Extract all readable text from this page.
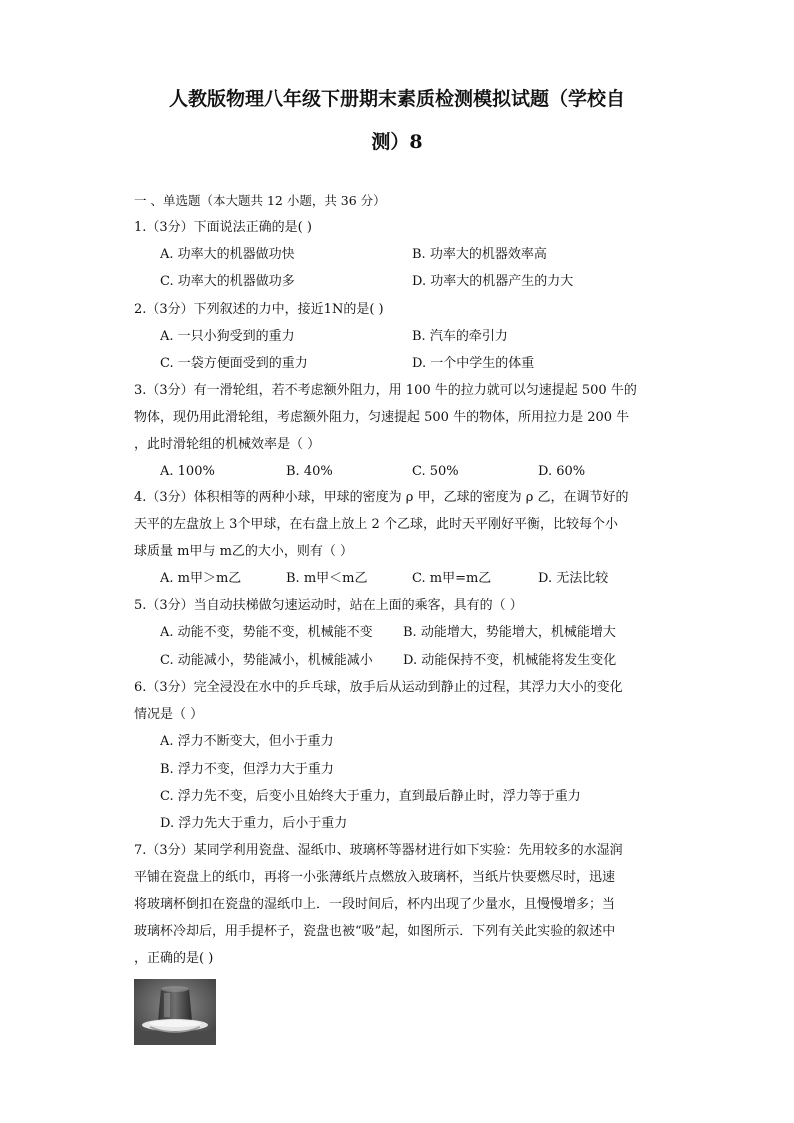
人教版物理八年级下册期末素质检测模拟试题（学校自
测）8
一 、单选题（本大题共 12 小题，共 36 分）
1.（3分）下面说法正确的是( )
A. 功率大的机器做功快	B. 功率大的机器效率高
C. 功率大的机器做功多	D. 功率大的机器产生的力大
2.（3分）下列叙述的力中，接近1N的是( )
A. 一只小狗受到的重力	B. 汽车的牵引力
C. 一袋方便面受到的重力	D. 一个中学生的体重
3.（3分）有一滑轮组，若不考虑额外阻力，用 100 牛的拉力就可以匀速提起 500 牛的
物体，现仍用此滑轮组，考虑额外阻力，匀速提起 500 牛的物体，所用拉力是 200 牛
，此时滑轮组的机械效率是（ ）
A. 100%	B. 40%	C. 50%	D. 60%
4.（3分）体积相等的两种小球，甲球的密度为 ρ 甲，乙球的密度为 ρ 乙，在调节好的
天平的左盘放上 3个甲球，在右盘上放上 2 个乙球，此时天平刚好平衡，比较每个小
球质量 m甲与 m乙的大小，则有（ ）
A. m甲＞m乙	B. m甲＜m乙	C. m甲=m乙	D. 无法比较
5.（3分）当自动扶梯做匀速运动时，站在上面的乘客，具有的（ ）
A. 动能不变，势能不变，机械能不变 B. 动能增大，势能增大，机械能增大
C. 动能减小，势能减小，机械能减小 D. 动能保持不变，机械能将发生变化
6.（3分）完全浸没在水中的乒乓球，放手后从运动到静止的过程，其浮力大小的变化
情况是（ ）
A. 浮力不断变大，但小于重力
B. 浮力不变，但浮力大于重力
C. 浮力先不变，后变小且始终大于重力，直到最后静止时，浮力等于重力
D. 浮力先大于重力，后小于重力
7.（3分）某同学利用瓷盘、湿纸巾、玻璃杯等器材进行如下实验：先用较多的水湿润
平铺在瓷盘上的纸巾，再将一小张薄纸片点燃放入玻璃杯，当纸片快要燃尽时，迅速
将玻璃杯倒扣在瓷盘的湿纸巾上．一段时间后，杯内出现了少量水，且慢慢增多；当
玻璃杯冷却后，用手提杯子，瓷盘也被“吸”起，如图所示．下列有关此实验的叙述中
，正确的是( )
